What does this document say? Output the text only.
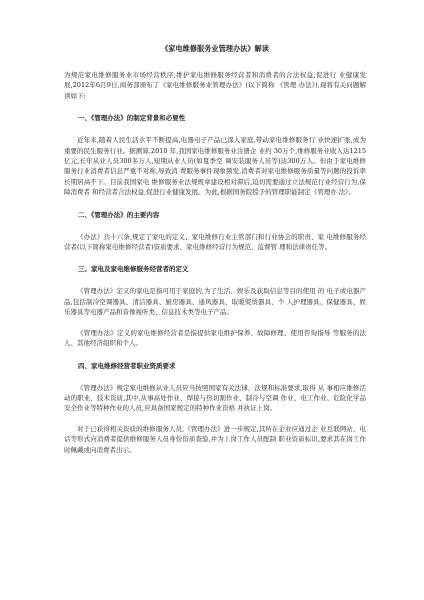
《家电维修服务业管理办法》解读

为规范家电维修服务业市场经营秩序,维护家电维修服务经营者和消费者的合法权益,促进行 业健康发展,2012年6月9日,商务部颁布了《家电维修服务业管理办法》(以下简称 《管理 办法》),现将有关问题解读如下:

一、《管理办法》的制定背景和必要性

近年来,随着人民生活水平不断提高,电器电子产品已深入家庭,带动家电维修服务行 业快速扩张,成为重要的民生服务行业。据测算,2010 年,我国家电维修服务业注册企 业约 30万个,维修服务业收入达1215亿元,长年从业人员300多万人,短期从业人员(如夏季空 调安装服务人员等)达300万人。但由于家电维修服务行业消费者信息严重不对称,导致消 费服务事件现象频发,消费者对家电维修服务质量等问题的投诉率长期居高不下。目前我国家电 维修服务业法规规章建设相对滞后,迫切需要通过立法规范行业经营行为,保障消费者 和经营者合法权益,促进行业健康发展。为此,根据国务院授予的管理职能制定《管理办 法》。

二、《管理办法》的主要内容

《办法》共十六条,规定了家电的定义、家电维修行业主管部门和行业协会的职责、家 电维修服务经营者(以下简称家电维修经营者)资质要求、家电维修经营行为规范、监督管 理和法律责任等。

三、家电及家电维修服务经营者的定义

《管理办法》定义的家电是指可用于家庭的,为了生活、娱乐及获取信息等目的使用 的 电子或电器产品,包括制冷空调器具、清洁器具、厨房器具、通风器具、取暖熨烫器具、个 人护理器具、保健器具、娱乐器具等电器产品和音像视听类、信息技术类等电子产品。

《管理办法》定义的家电维修经营者是指提供家电维护保养、故障修理、使用咨询指导 等服务的法人、其他经济组织和个人。

四、家电维修经营者职业资质要求

《管理办法》规定家电维修从业人员应当按照国家有关法律、法规和标准要求,取得 从 事相应维修活动的职业、技术资质,其中,从事高处作业、焊接与热切割作业、制冷与空调 作业、电工作业、危险化学品安全作业等特种作业的人员,应具备国家规定的特种作业资格 并执证上岗。

对于已获得相关资质的维修服务人员,《管理办法》进一步规定,其所在企业应通过企 业互联网站、电话等形式向消费者提供维修服务人员身份资质查验,并为上岗工作人员配制 职业资质标识,要求其在岗工作时佩戴或向消费者出示。
